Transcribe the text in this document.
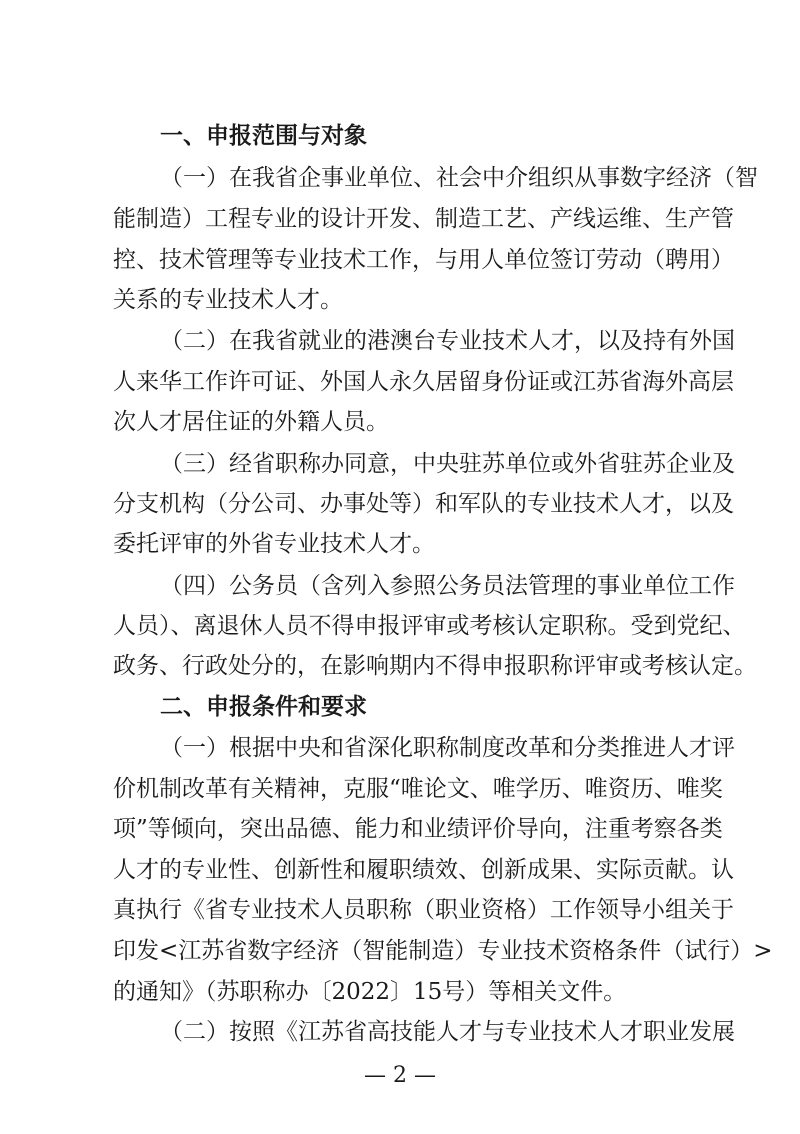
一、申报范围与对象
（一）在我省企事业单位、社会中介组织从事数字经济（智
能制造）工程专业的设计开发、制造工艺、产线运维、生产管
控、技术管理等专业技术工作，与用人单位签订劳动（聘用）
关系的专业技术人才。
（二）在我省就业的港澳台专业技术人才，以及持有外国
人来华工作许可证、外国人永久居留身份证或江苏省海外高层
次人才居住证的外籍人员。
（三）经省职称办同意，中央驻苏单位或外省驻苏企业及
分支机构（分公司、办事处等）和军队的专业技术人才，以及
委托评审的外省专业技术人才。
（四）公务员（含列入参照公务员法管理的事业单位工作
人员）、离退休人员不得申报评审或考核认定职称。受到党纪、
政务、行政处分的，在影响期内不得申报职称评审或考核认定。
二、申报条件和要求
（一）根据中央和省深化职称制度改革和分类推进人才评
价机制改革有关精神，克服“唯论文、唯学历、唯资历、唯奖
项”等倾向，突出品德、能力和业绩评价导向，注重考察各类
人才的专业性、创新性和履职绩效、创新成果、实际贡献。认
真执行《省专业技术人员职称（职业资格）工作领导小组关于
印发<江苏省数字经济（智能制造）专业技术资格条件（试行）>
的通知》（苏职称办〔2022〕15号）等相关文件。
（二）按照《江苏省高技能人才与专业技术人才职业发展
— 2 —
